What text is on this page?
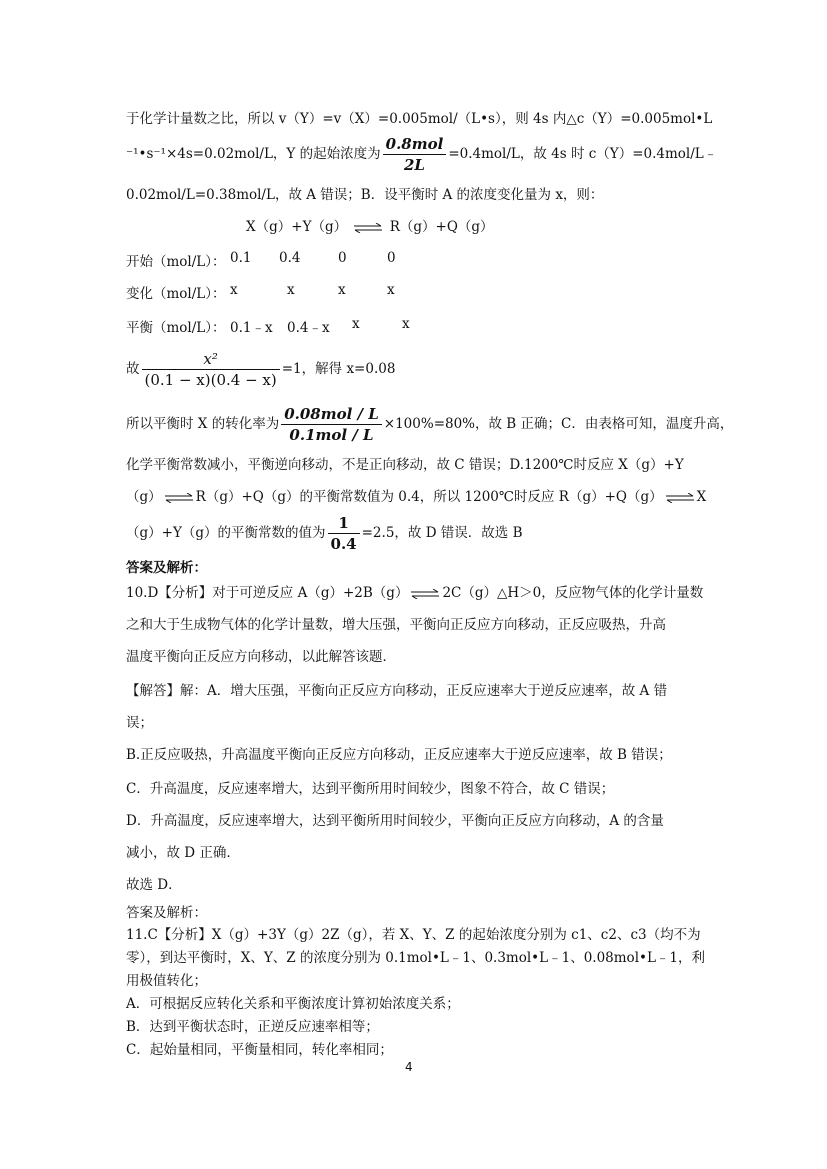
于化学计量数之比，所以 v（Y）=v（X）=0.005mol/（L•s），则 4s 内△c（Y）=0.005mol•L
⁻¹•s⁻¹×4s=0.02mol/L，Y 的起始浓度为 $\frac{\text{0.8mol}}{2L} =0.4mol/L$，故 4s 时 c（Y）=0.4mol/L﹣
0.02mol/L=0.38mol/L，故 A 错误；B．设平衡时 A 的浓度变化量为 x，则：
X（g）+Y（g） ⇌ R（g）+Q（g）
开始（mol/L）： 0.1 0.4	0	0
变化（mol/L）： x	x	x	x
平衡（mol/L）： 0.1﹣x 0.4﹣x x	x
故 $\frac{\text{x²}}{(0.1 - x)(0.4 - x)} =1$，解得 x=0.08
所以平衡时 X 的转化率为 $\frac{\text{0.08mol / L}}{\text{0.1mol / L}} \times 100\%=80\%$，故 B 正确；C．由表格可知，温度升高，
化学平衡常数减小，平衡逆向移动，不是正向移动，故 C 错误；D.1200℃时反应 X（g）+Y
（g） ⇌ R（g）+Q（g）的平衡常数值为 0.4，所以 1200℃时反应 R（g）+Q（g） ⇌ X
（g）+Y（g）的平衡常数的值为 $\frac{1}{0.4} =2.5$，故 D 错误．故选 B
答案及解析：
10.D【分析】对于可逆反应 A（g）+2B（g） ⇌ 2C（g）△H＞0，反应物气体的化学计量数
之和大于生成物气体的化学计量数，增大压强，平衡向正反应方向移动，正反应吸热，升高
温度平衡向正反应方向移动，以此解答该题．
【解答】解：A．增大压强，平衡向正反应方向移动，正反应速率大于逆反应速率，故 A 错
误；
B.正反应吸热，升高温度平衡向正反应方向移动，正反应速率大于逆反应速率，故 B 错误；
C．升高温度，反应速率增大，达到平衡所用时间较少，图象不符合，故 C 错误；
D．升高温度，反应速率增大，达到平衡所用时间较少，平衡向正反应方向移动，A 的含量
减小，故 D 正确．
故选 D．
答案及解析：
11.C【分析】X（g）+3Y（g）2Z（g），若 X、Y、Z 的起始浓度分别为 c1、c2、c3（均不为
零），到达平衡时，X、Y、Z 的浓度分别为 0.1mol•L﹣1、0.3mol•L﹣1、0.08mol•L﹣1，利
用极值转化；
A．可根据反应转化关系和平衡浓度计算初始浓度关系；
B．达到平衡状态时，正逆反应速率相等；
C．起始量相同，平衡量相同，转化率相同；
4
